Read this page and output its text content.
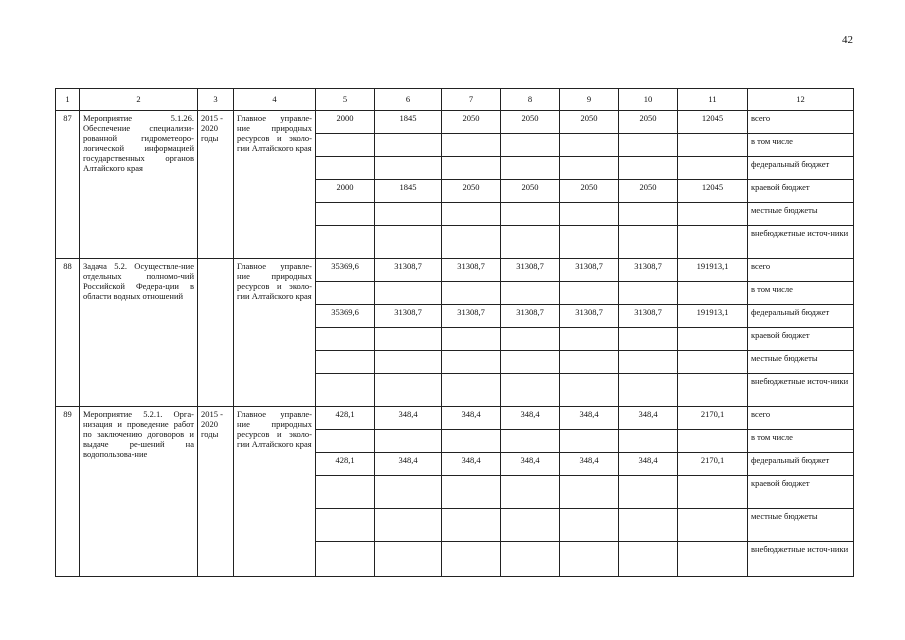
42
1	2	3	4	5	6	7	8	9	10	11	12
87	Мероприятие 5.1.26. Обеспечение специализи-рованной гидрометеоро-логической информацией государственных органов Алтайского края	2015 - 2020 годы	Главное управле-ние природных ресурсов и эколо-гии Алтайского края	2000	1845	2050	2050	2050	2050	12045	всего
											в том числе
											федеральный бюджет
				2000	1845	2050	2050	2050	2050	12045	краевой бюджет
											местные бюджеты
											внебюджетные источ-ники
88	Задача 5.2. Осуществле-ние отдельных полномо-чий Российской Федера-ции в области водных отношений		Главное управле-ние природных ресурсов и эколо-гии Алтайского края	35369,6	31308,7	31308,7	31308,7	31308,7	31308,7	191913,1	всего
											в том числе
				35369,6	31308,7	31308,7	31308,7	31308,7	31308,7	191913,1	федеральный бюджет
											краевой бюджет
											местные бюджеты
											внебюджетные источ-ники
89	Мероприятие 5.2.1. Орга-низация и проведение работ по заключению договоров и выдаче ре-шений на водопользова-ние	2015 - 2020 годы	Главное управле-ние природных ресурсов и эколо-гии Алтайского края	428,1	348,4	348,4	348,4	348,4	348,4	2170,1	всего
											в том числе
				428,1	348,4	348,4	348,4	348,4	348,4	2170,1	федеральный бюджет
											краевой бюджет
											местные бюджеты
											внебюджетные источ-ники
